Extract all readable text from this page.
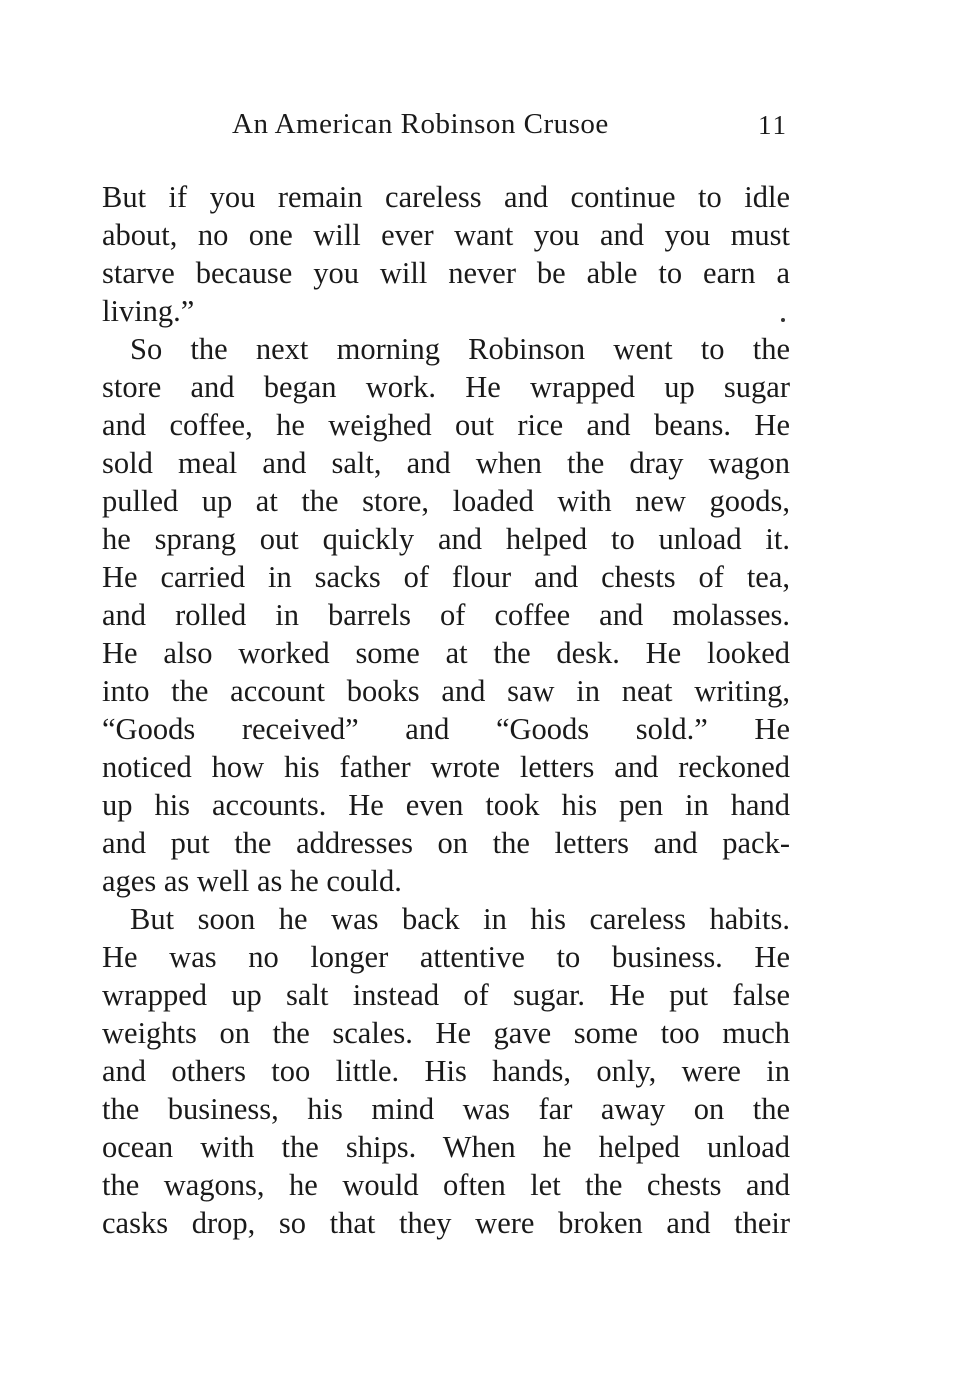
An American Robinson Crusoe	11
But if you remain careless and continue to idle
about, no one will ever want you and you must
starve because you will never be able to earn a
living.”
So the next morning Robinson went to the
store and began work. He wrapped up sugar
and coffee, he weighed out rice and beans. He
sold meal and salt, and when the dray wagon
pulled up at the store, loaded with new goods,
he sprang out quickly and helped to unload it.
He carried in sacks of flour and chests of tea,
and rolled in barrels of coffee and molasses.
He also worked some at the desk. He looked
into the account books and saw in neat writing,
“Goods received” and “Goods sold.” He
noticed how his father wrote letters and reckoned
up his accounts. He even took his pen in hand
and put the addresses on the letters and pack-
ages as well as he could.
But soon he was back in his careless habits.
He was no longer attentive to business. He
wrapped up salt instead of sugar. He put false
weights on the scales. He gave some too much
and others too little. His hands, only, were in
the business, his mind was far away on the
ocean with the ships. When he helped unload
the wagons, he would often let the chests and
casks drop, so that they were broken and their
